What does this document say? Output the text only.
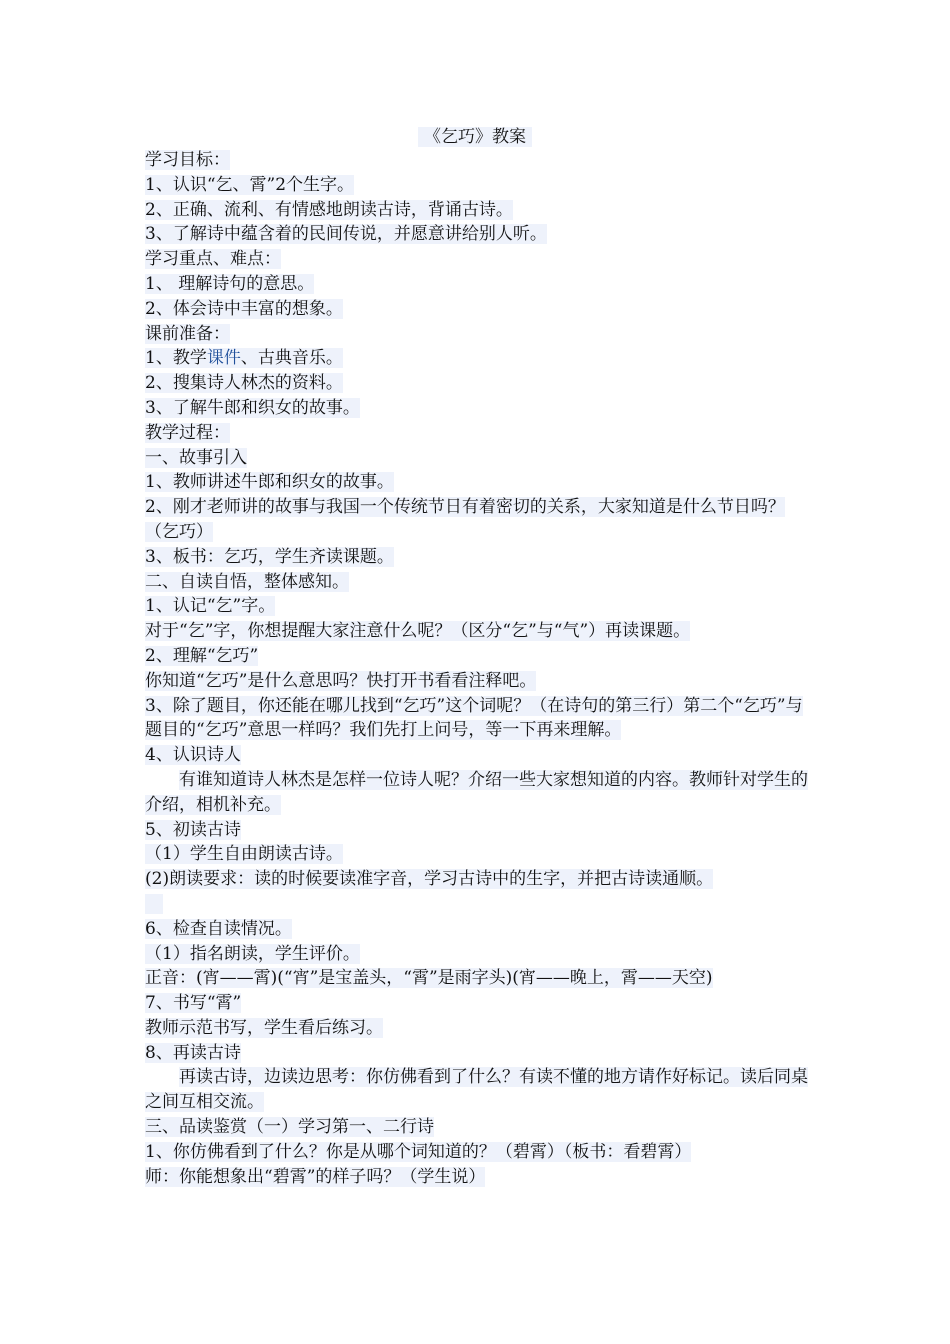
《乞巧》教案
学习目标：
1、认识“乞、霄”2个生字。
2、正确、流利、有情感地朗读古诗，背诵古诗。
3、了解诗中蕴含着的民间传说，并愿意讲给别人听。
学习重点、难点：
1、 理解诗句的意思。
2、体会诗中丰富的想象。
课前准备：
1、教学课件、古典音乐。
2、搜集诗人林杰的资料。
3、了解牛郎和织女的故事。
教学过程：
一、故事引入
1、教师讲述牛郎和织女的故事。
2、刚才老师讲的故事与我国一个传统节日有着密切的关系，大家知道是什么节日吗？（乞巧）
3、板书：乞巧，学生齐读课题。
二、自读自悟，整体感知。
1、认记“乞”字。
对于“乞”字，你想提醒大家注意什么呢？（区分“乞”与“气”）再读课题。
2、理解“乞巧”
你知道“乞巧”是什么意思吗？快打开书看看注释吧。
3、除了题目，你还能在哪儿找到“乞巧”这个词呢？（在诗句的第三行）第二个“乞巧”与题目的“乞巧”意思一样吗？我们先打上问号，等一下再来理解。
4、认识诗人
有谁知道诗人林杰是怎样一位诗人呢？介绍一些大家想知道的内容。教师针对学生的介绍，相机补充。
5、初读古诗
（1）学生自由朗读古诗。
(2)朗读要求：读的时候要读准字音，学习古诗中的生字，并把古诗读通顺。
6、检查自读情况。
（1）指名朗读，学生评价。
正音：(宵——霄)(“宵”是宝盖头，“霄”是雨字头)(宵——晚上，霄——天空)
7、书写“霄”
教师示范书写，学生看后练习。
8、再读古诗
再读古诗，边读边思考：你仿佛看到了什么？有读不懂的地方请作好标记。读后同桌之间互相交流。
三、品读鉴赏（一）学习第一、二行诗
1、你仿佛看到了什么？你是从哪个词知道的？（碧霄）（板书：看碧霄）
师：你能想象出“碧霄”的样子吗？（学生说）
